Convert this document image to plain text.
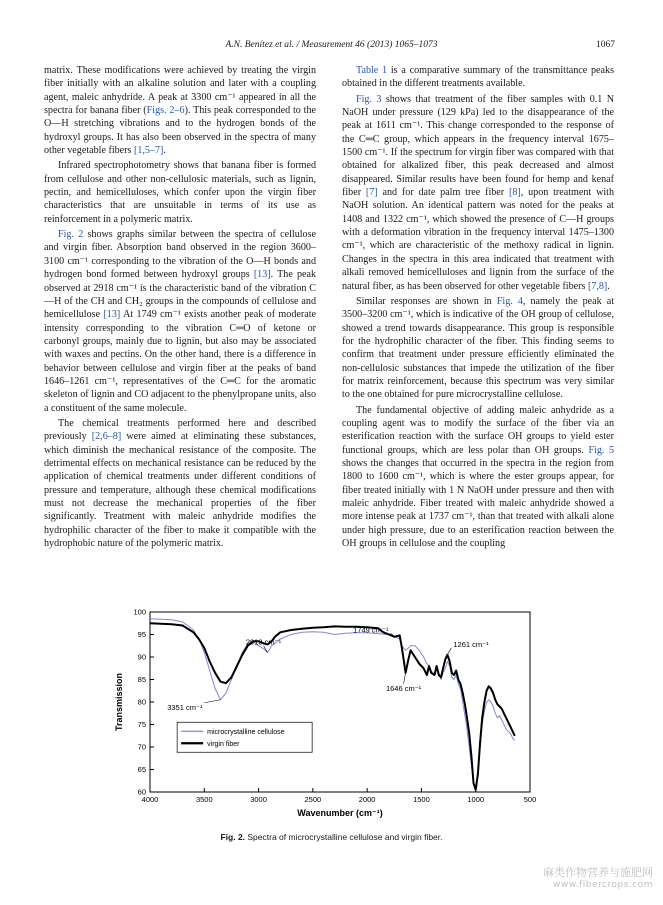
A.N. Benítez et al. / Measurement 46 (2013) 1065–1073	1067

matrix. These modifications were achieved by treating the virgin fiber initially with an alkaline solution and later with a coupling agent, maleic anhydride. A peak at 3300 cm⁻¹ appeared in all the spectra for banana fiber (Figs. 2–6). This peak corresponded to the O—H stretching vibrations and to the hydrogen bonds of the hydroxyl groups. It has also been observed in the spectra of many other vegetable fibers [1,5–7].

Infrared spectrophotometry shows that banana fiber is formed from cellulose and other non-cellulosic materials, such as lignin, pectin, and hemicelluloses, which confer upon the virgin fiber characteristics that are unsuitable in terms of its use as reinforcement in a polymeric matrix.

Fig. 2 shows graphs similar between the spectra of cellulose and virgin fiber. Absorption band observed in the region 3600–3100 cm⁻¹ corresponding to the vibration of the O—H bonds and hydrogen bond formed between hydroxyl groups [13]. The peak observed at 2918 cm⁻¹ is the characteristic band of the vibration C—H of the CH and CH₂ groups in the compounds of cellulose and hemicellulose [13] At 1749 cm⁻¹ exists another peak of moderate intensity corresponding to the vibration C═O of ketone or carbonyl groups, mainly due to lignin, but also may be associated with waxes and pectins. On the other hand, there is a difference in behavior between cellulose and virgin fiber at the peaks of band 1646–1261 cm⁻¹, representatives of the C═C for the aromatic skeleton of lignin and CO adjacent to the phenylpropane units, also a constituent of the same molecule.

The chemical treatments performed here and described previously [2,6–8] were aimed at eliminating these substances, which diminish the mechanical resistance of the composite. The detrimental effects on mechanical resistance can be reduced by the application of chemical treatments under different conditions of pressure and temperature, although these chemical modifications must not decrease the mechanical properties of the fiber significantly. Treatment with maleic anhydride modifies the hydrophilic character of the fiber to make it compatible with the hydrophobic nature of the polymeric matrix.

Table 1 is a comparative summary of the transmittance peaks obtained in the different treatments available.

Fig. 3 shows that treatment of the fiber samples with 0.1 N NaOH under pressure (129 kPa) led to the disappearance of the peak at 1611 cm⁻¹. This change corresponded to the response of the C═C group, which appears in the frequency interval 1675–1500 cm⁻¹. If the spectrum for virgin fiber was compared with that obtained for alkalized fiber, this peak decreased and almost disappeared. Similar results have been found for hemp and kenaf fiber [7] and for date palm tree fiber [8], upon treatment with NaOH solution. An identical pattern was noted for the peaks at 1408 and 1322 cm⁻¹, which showed the presence of C—H groups with a deformation vibration in the frequency interval 1475–1300 cm⁻¹, which are characteristic of the methoxy radical in lignin. Changes in the spectra in this area indicated that treatment with alkali removed hemicelluloses and lignin from the surface of the natural fiber, as has been observed for other vegetable fibers [7,8].

Similar responses are shown in Fig. 4, namely the peak at 3500–3200 cm⁻¹, which is indicative of the OH group of cellulose, showed a trend towards disappearance. This group is responsible for the hydrophilic character of the fiber. This finding seems to confirm that treatment under pressure efficiently eliminated the non-cellulosic substances that impede the utilization of the fiber for matrix reinforcement, because this spectrum was very similar to the one obtained for pure microcrystalline cellulose.

The fundamental objective of adding maleic anhydride as a coupling agent was to modify the surface of the fiber via an esterification reaction with the surface OH groups to yield ester functional groups, which are less polar than OH groups. Fig. 5 shows the changes that occurred in the spectra in the region from 1800 to 1600 cm⁻¹, which is where the ester groups appear, for fiber treated initially with 1 N NaOH under pressure and then with maleic anhydride. Fiber treated with maleic anhydride showed a more intense peak at 1737 cm⁻¹, than that treated with alkali alone under high pressure, due to an esterification reaction between the OH groups in cellulose and the coupling

4000	3500	3000	2500	2000	1500	1000	500
60
65
70
75
80
85
90
95
100
Wavenumber (cm⁻¹)
Transmission	3351 cm⁻¹
2918 cm⁻¹
1749 cm⁻¹
1646 cm⁻¹
1261 cm⁻¹
microcrystalline cellulose
virgin fiber
Fig. 2. Spectra of microcrystalline cellulose and virgin fiber.
麻类作物营养与施肥网
www.fibercrops.com
